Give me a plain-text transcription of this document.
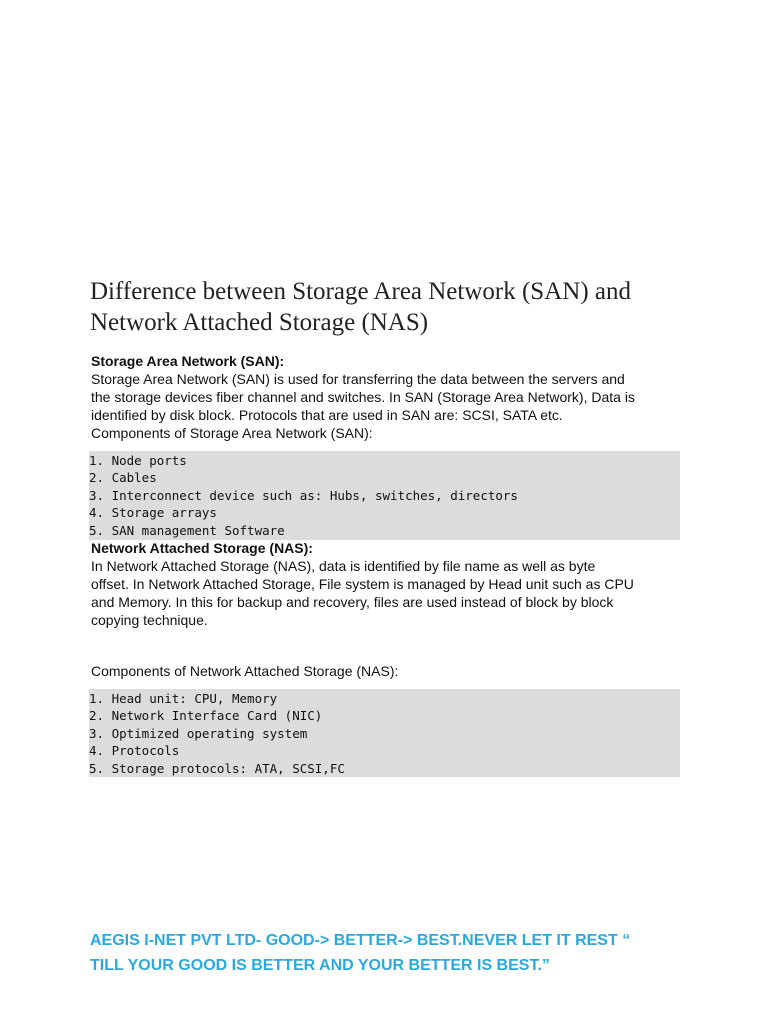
Difference between Storage Area Network (SAN) and
Network Attached Storage (NAS)
Storage Area Network (SAN):
Storage Area Network (SAN) is used for transferring the data between the servers and
the storage devices fiber channel and switches. In SAN (Storage Area Network), Data is
identified by disk block. Protocols that are used in SAN are: SCSI, SATA etc.
Components of Storage Area Network (SAN):
1. Node ports
2. Cables
3. Interconnect device such as: Hubs, switches, directors
4. Storage arrays
5. SAN management Software
Network Attached Storage (NAS):
In Network Attached Storage (NAS), data is identified by file name as well as byte
offset. In Network Attached Storage, File system is managed by Head unit such as CPU
and Memory. In this for backup and recovery, files are used instead of block by block
copying technique.
Components of Network Attached Storage (NAS):
1. Head unit: CPU, Memory
2. Network Interface Card (NIC)
3. Optimized operating system
4. Protocols
5. Storage protocols: ATA, SCSI,FC
AEGIS I-NET PVT LTD- GOOD-> BETTER-> BEST.NEVER LET IT REST “
TILL YOUR GOOD IS BETTER AND YOUR BETTER IS BEST.”
